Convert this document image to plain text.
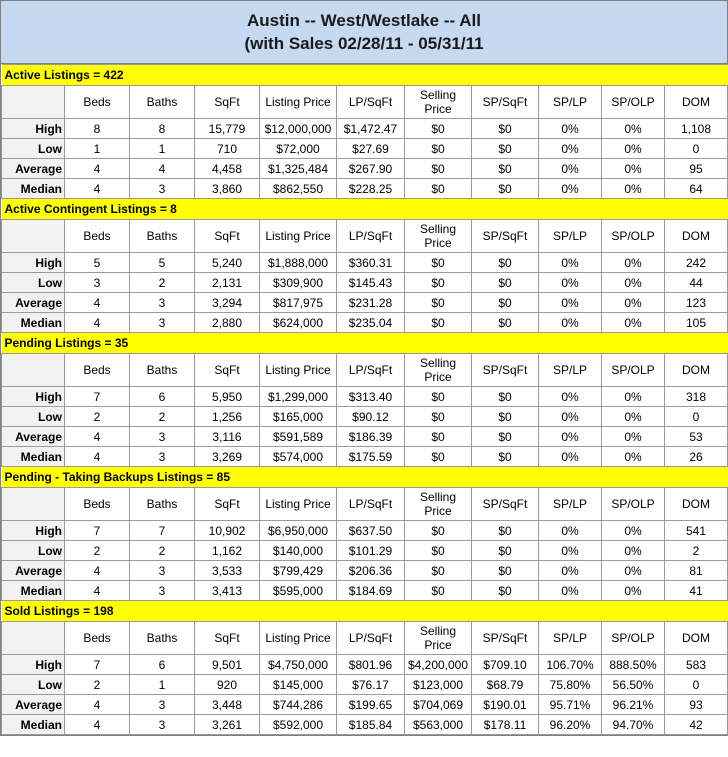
Austin -- West/Westlake -- All
(with Sales 02/28/11 - 05/31/11
Active Listings = 422										
	Beds	Baths	SqFt	Listing Price	LP/SqFt	Selling Price	SP/SqFt	SP/LP	SP/OLP	DOM
High	8	8	15,779	$12,000,000	$1,472.47	$0	$0	0%	0%	1,108
Low	1	1	710	$72,000	$27.69	$0	$0	0%	0%	0
Average	4	4	4,458	$1,325,484	$267.90	$0	$0	0%	0%	95
Median	4	3	3,860	$862,550	$228.25	$0	$0	0%	0%	64
Active Contingent Listings = 8										
	Beds	Baths	SqFt	Listing Price	LP/SqFt	Selling Price	SP/SqFt	SP/LP	SP/OLP	DOM
High	5	5	5,240	$1,888,000	$360.31	$0	$0	0%	0%	242
Low	3	2	2,131	$309,900	$145.43	$0	$0	0%	0%	44
Average	4	3	3,294	$817,975	$231.28	$0	$0	0%	0%	123
Median	4	3	2,880	$624,000	$235.04	$0	$0	0%	0%	105
Pending Listings = 35										
	Beds	Baths	SqFt	Listing Price	LP/SqFt	Selling Price	SP/SqFt	SP/LP	SP/OLP	DOM
High	7	6	5,950	$1,299,000	$313.40	$0	$0	0%	0%	318
Low	2	2	1,256	$165,000	$90.12	$0	$0	0%	0%	0
Average	4	3	3,116	$591,589	$186.39	$0	$0	0%	0%	53
Median	4	3	3,269	$574,000	$175.59	$0	$0	0%	0%	26
Pending - Taking Backups Listings = 85										
	Beds	Baths	SqFt	Listing Price	LP/SqFt	Selling Price	SP/SqFt	SP/LP	SP/OLP	DOM
High	7	7	10,902	$6,950,000	$637.50	$0	$0	0%	0%	541
Low	2	2	1,162	$140,000	$101.29	$0	$0	0%	0%	2
Average	4	3	3,533	$799,429	$206.36	$0	$0	0%	0%	81
Median	4	3	3,413	$595,000	$184.69	$0	$0	0%	0%	41
Sold Listings = 198										
	Beds	Baths	SqFt	Listing Price	LP/SqFt	Selling Price	SP/SqFt	SP/LP	SP/OLP	DOM
High	7	6	9,501	$4,750,000	$801.96	$4,200,000	$709.10	106.70%	888.50%	583
Low	2	1	920	$145,000	$76.17	$123,000	$68.79	75.80%	56.50%	0
Average	4	3	3,448	$744,286	$199.65	$704,069	$190.01	95.71%	96.21%	93
Median	4	3	3,261	$592,000	$185.84	$563,000	$178.11	96.20%	94.70%	42
